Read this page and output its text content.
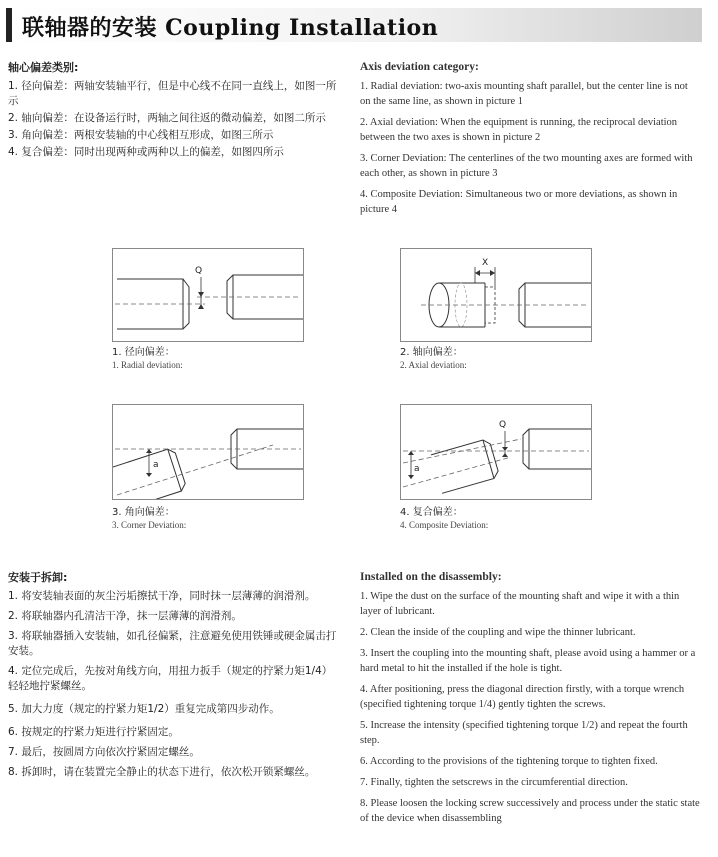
联轴器的安装 Coupling Installation
轴心偏差类别:
1. 径向偏差：两轴安装轴平行，但是中心线不在同一直线上，如图一所示
2. 轴向偏差：在设备运行时，两轴之间往返的微动偏差，如图二所示
3. 角向偏差：两根安装轴的中心线相互形成，如图三所示
4. 复合偏差：同时出现两种或两种以上的偏差，如图四所示
Axis deviation category:
1. Radial deviation: two-axis mounting shaft parallel, but the center line is not on the same line, as shown in picture 1
2. Axial deviation: When the equipment is running, the reciprocal deviation between the two axes is shown in picture 2
3. Corner Deviation: The centerlines of the two mounting axes are formed with each other, as shown in picture 3
4. Composite Deviation: Simultaneous two or more deviations, as shown in picture 4
Q
1. 径向偏差：
1. Radial deviation:
X
2. 轴向偏差：
2. Axial deviation:
a
3. 角向偏差：
3. Corner Deviation:
Q
a
4. 复合偏差：
4. Composite Deviation:
安装于拆卸:
1. 将安装轴表面的灰尘污垢擦拭干净，同时抹一层薄薄的润滑剂。
2. 将联轴器内孔清洁干净，抹一层薄薄的润滑剂。
3. 将联轴器插入安装轴，如孔径偏紧，注意避免使用铁锤或硬金属击打安装。
4. 定位完成后，先按对角线方向，用扭力扳手（规定的拧紧力矩1/4）轻轻地拧紧螺丝。
5. 加大力度（规定的拧紧力矩1/2）重复完成第四步动作。
6. 按规定的拧紧力矩进行拧紧固定。
7. 最后，按圆周方向依次拧紧固定螺丝。
8. 拆卸时，请在装置完全静止的状态下进行，依次松开锁紧螺丝。
Installed on the disassembly:
1. Wipe the dust on the surface of the mounting shaft and wipe it with a thin layer of lubricant.
2. Clean the inside of the coupling and wipe the thinner lubricant.
3. Insert the coupling into the mounting shaft, please avoid using a hammer or a hard metal to hit the installed if the hole is tight.
4. After positioning, press the diagonal direction firstly, with a torque wrench (specified tightening torque 1/4) gently tighten the screws.
5. Increase the intensity (specified tightening torque 1/2) and repeat the fourth step.
6. According to the provisions of the tightening torque to tighten fixed.
7. Finally, tighten the setscrews in the circumferential direction.
8. Please loosen the locking screw successively and process under the static state of the device when disassembling
